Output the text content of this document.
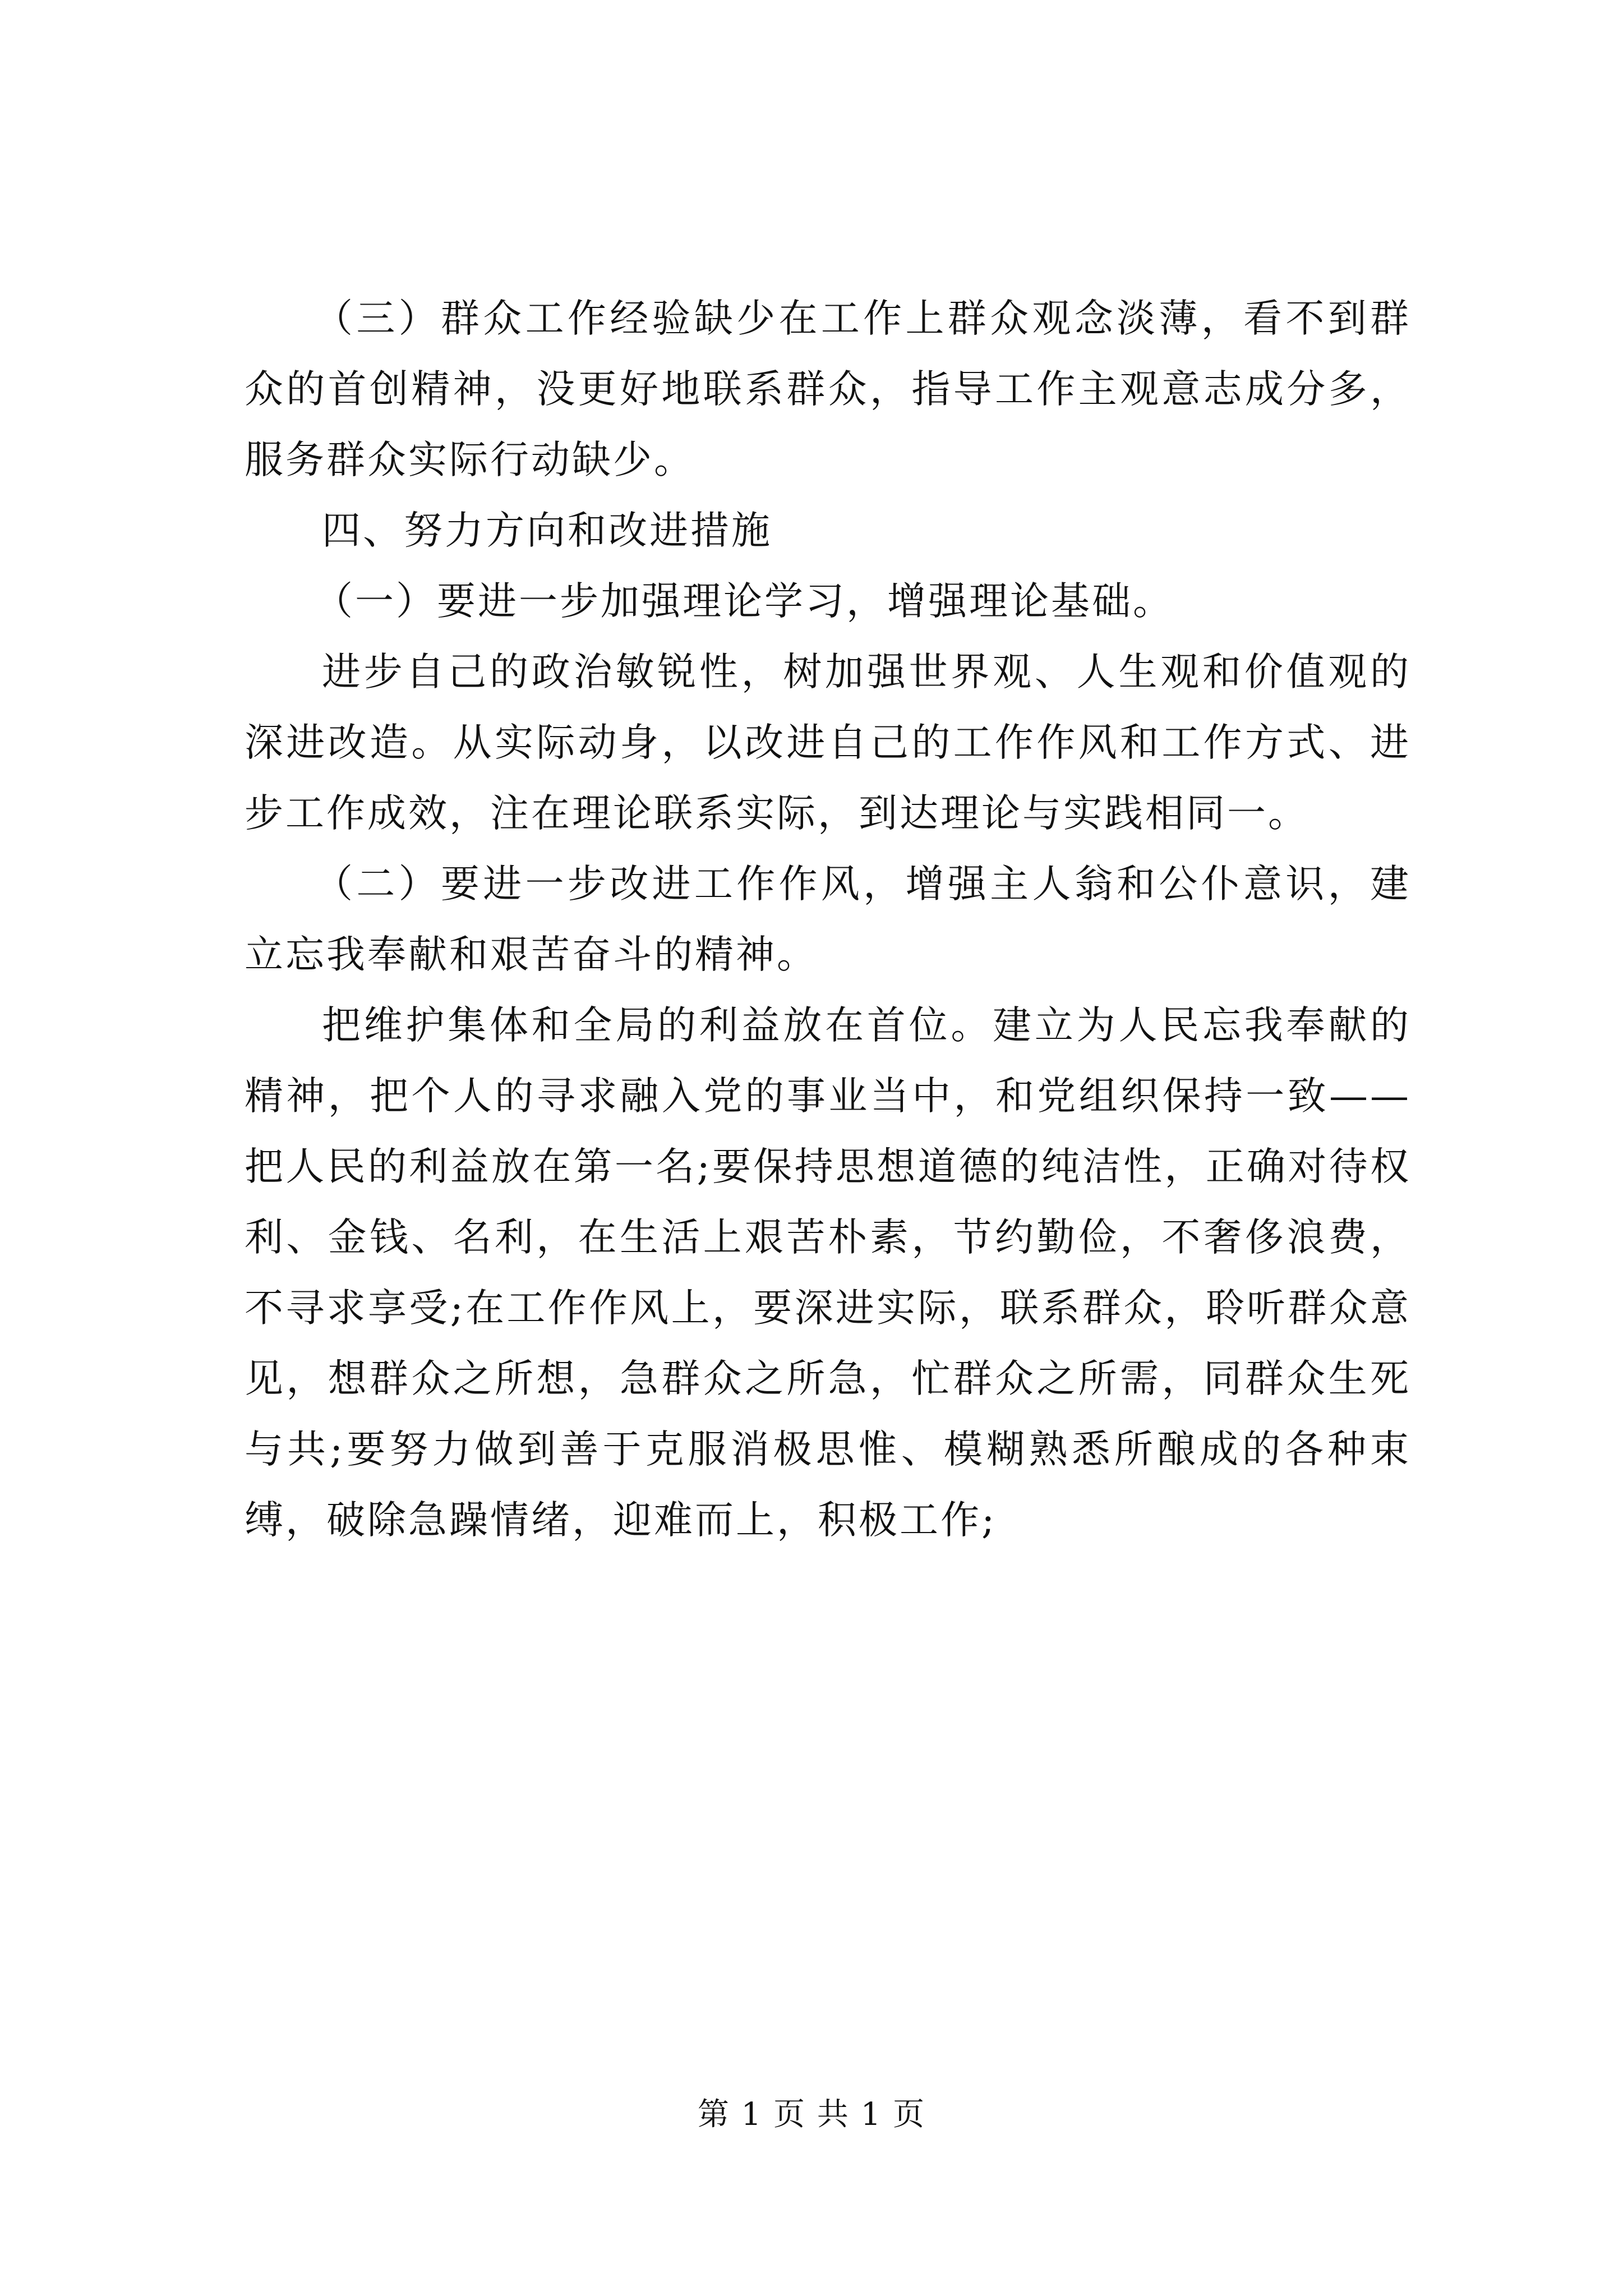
（三）群众工作经验缺少在工作上群众观念淡薄，看不到群众的首创精神，没更好地联系群众，指导工作主观意志成分多，服务群众实际行动缺少。

四、努力方向和改进措施

（一）要进一步加强理论学习，增强理论基础。

进步自己的政治敏锐性，树加强世界观、人生观和价值观的深进改造。从实际动身，以改进自己的工作作风和工作方式、进步工作成效，注在理论联系实际，到达理论与实践相同一。

（二）要进一步改进工作作风，增强主人翁和公仆意识，建立忘我奉献和艰苦奋斗的精神。

把维护集体和全局的利益放在首位。建立为人民忘我奉献的精神，把个人的寻求融入党的事业当中，和党组织保持一致——把人民的利益放在第一名;要保持思想道德的纯洁性，正确对待权利、金钱、名利，在生活上艰苦朴素，节约勤俭，不奢侈浪费，不寻求享受;在工作作风上，要深进实际，联系群众，聆听群众意见，想群众之所想，急群众之所急，忙群众之所需，同群众生死与共;要努力做到善于克服消极思惟、模糊熟悉所酿成的各种束缚，破除急躁情绪，迎难而上，积极工作;

第 1 页 共 1 页
